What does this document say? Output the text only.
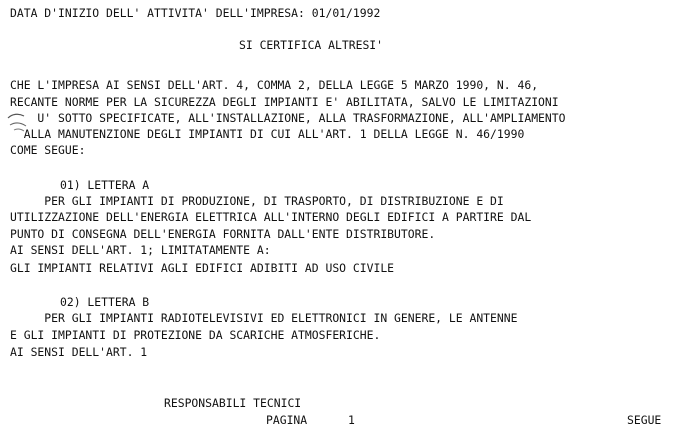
DATA D'INIZIO DELL' ATTIVITA' DELL'IMPRESA: 01/01/1992
SI CERTIFICA ALTRESI'
CHE L'IMPRESA AI SENSI DELL'ART. 4, COMMA 2, DELLA LEGGE 5 MARZO 1990, N. 46,
RECANTE NORME PER LA SICUREZZA DEGLI IMPIANTI E' ABILITATA, SALVO LE LIMITAZIONI
U' SOTTO SPECIFICATE, ALL'INSTALLAZIONE, ALLA TRASFORMAZIONE, ALL'AMPLIAMENTO
ALLA MANUTENZIONE DEGLI IMPIANTI DI CUI ALL'ART. 1 DELLA LEGGE N. 46/1990
COME SEGUE:
01) LETTERA A
PER GLI IMPIANTI DI PRODUZIONE, DI TRASPORTO, DI DISTRIBUZIONE E DI
UTILIZZAZIONE DELL'ENERGIA ELETTRICA ALL'INTERNO DEGLI EDIFICI A PARTIRE DAL
PUNTO DI CONSEGNA DELL'ENERGIA FORNITA DALL'ENTE DISTRIBUTORE.
AI SENSI DELL'ART. 1; LIMITATAMENTE A:
GLI IMPIANTI RELATIVI AGLI EDIFICI ADIBITI AD USO CIVILE
02) LETTERA B
PER GLI IMPIANTI RADIOTELEVISIVI ED ELETTRONICI IN GENERE, LE ANTENNE
E GLI IMPIANTI DI PROTEZIONE DA SCARICHE ATMOSFERICHE.
AI SENSI DELL'ART. 1
RESPONSABILI TECNICI
PAGINA	1	SEGUE
